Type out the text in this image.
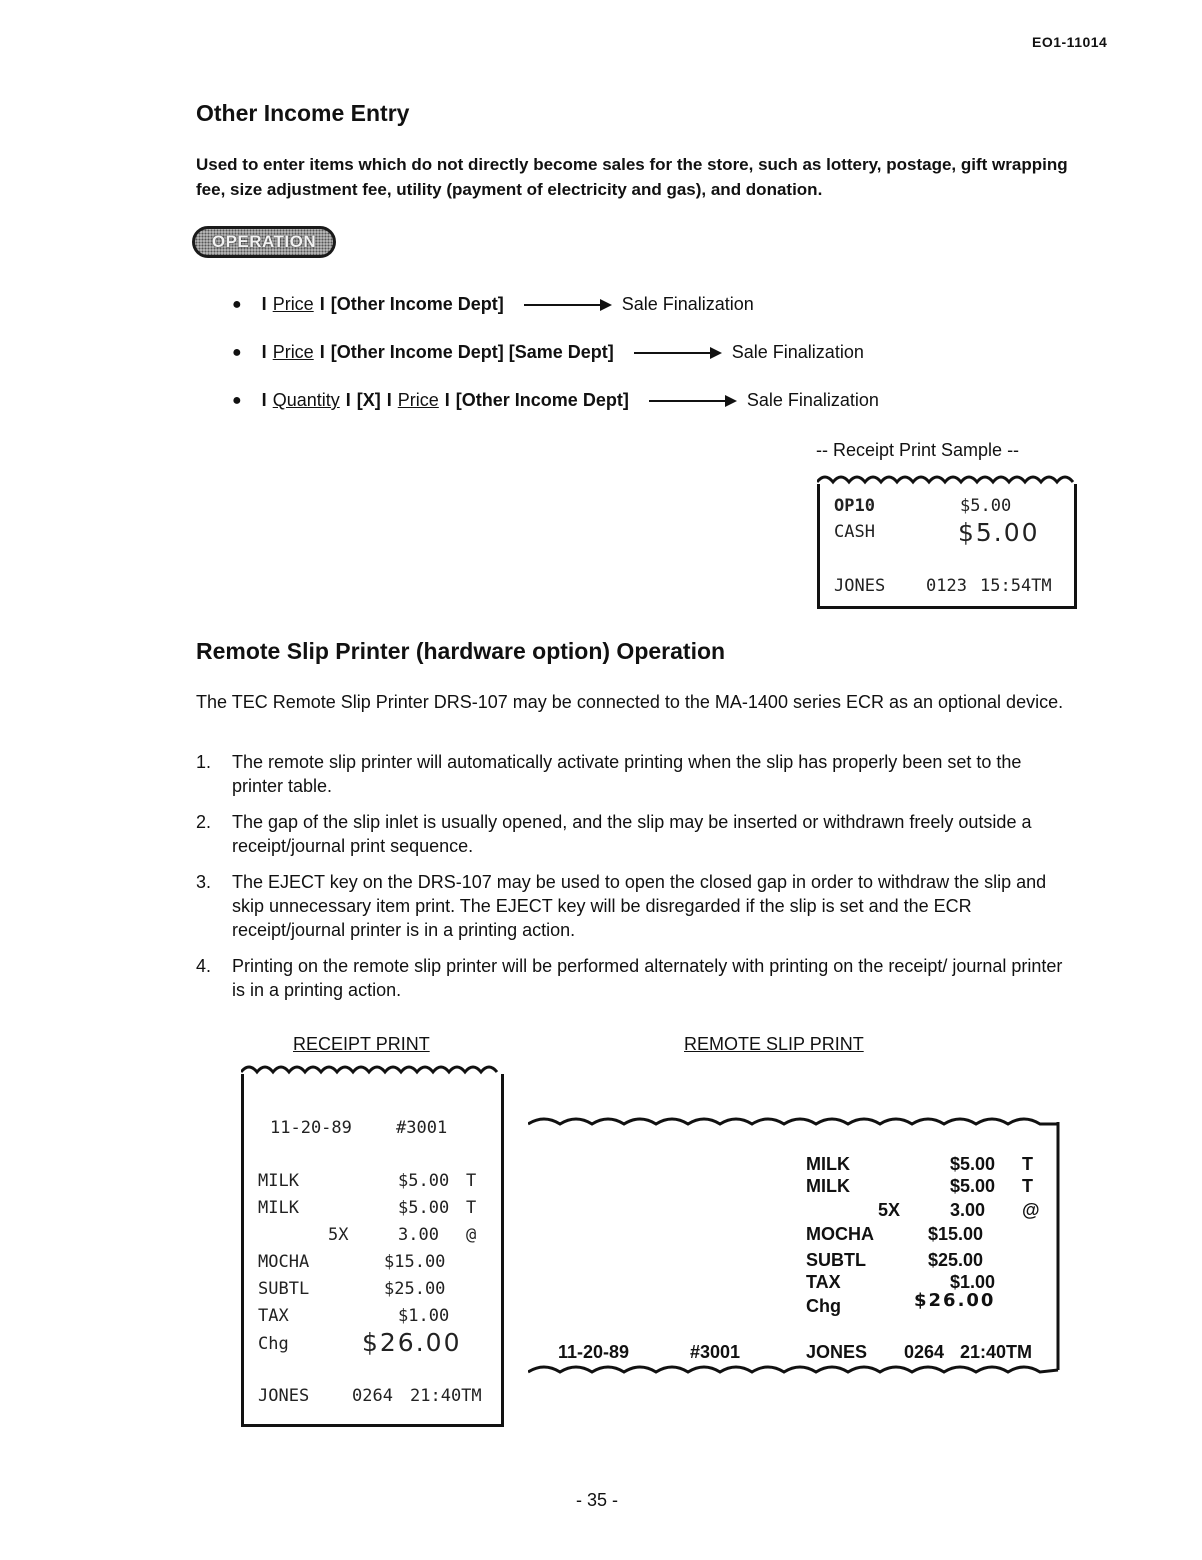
EO1-11014
Other Income Entry
Used to enter items which do not directly become sales for the store, such as lottery, postage, gift wrapping fee, size adjustment fee, utility (payment of electricity and gas), and donation.
OPERATION
● I Price I [Other Income Dept]	Sale Finalization
● I Price I [Other Income Dept] [Same Dept]	Sale Finalization
● I Quantity I [X] I Price I [Other Income Dept]	Sale Finalization
-- Receipt Print Sample --
OP10	$5.00
CASH	$5.00
JONES 0123 15:54TM
Remote Slip Printer (hardware option) Operation
The TEC Remote Slip Printer DRS-107 may be connected to the MA-1400 series ECR as an optional device.
1.	The remote slip printer will automatically activate printing when the slip has properly been set to the printer table.
2.	The gap of the slip inlet is usually opened, and the slip may be inserted or withdrawn freely outside a receipt/journal print sequence.
3.	The EJECT key on the DRS-107 may be used to open the closed gap in order to withdraw the slip and skip unnecessary item print. The EJECT key will be disregarded if the slip is set and the ECR receipt/journal printer is in a printing action.
4.	Printing on the remote slip printer will be performed alternately with printing on the receipt/ journal printer is in a printing action.
RECEIPT PRINT	REMOTE SLIP PRINT
11-20-89	#3001
MILK	$5.00 T
MILK	$5.00 T
5X	3.00 @
MOCHA	$15.00
SUBTL	$25.00
TAX	$1.00
Chg	$26.00
JONES	0264 21:40TM
MILK	$5.00 T
MILK	$5.00 T
5X	3.00 @
MOCHA	$15.00
SUBTL	$25.00
TAX	$1.00
Chg	$26.00
11-20-89	#3001	JONES 0264 21:40TM
- 35 -
